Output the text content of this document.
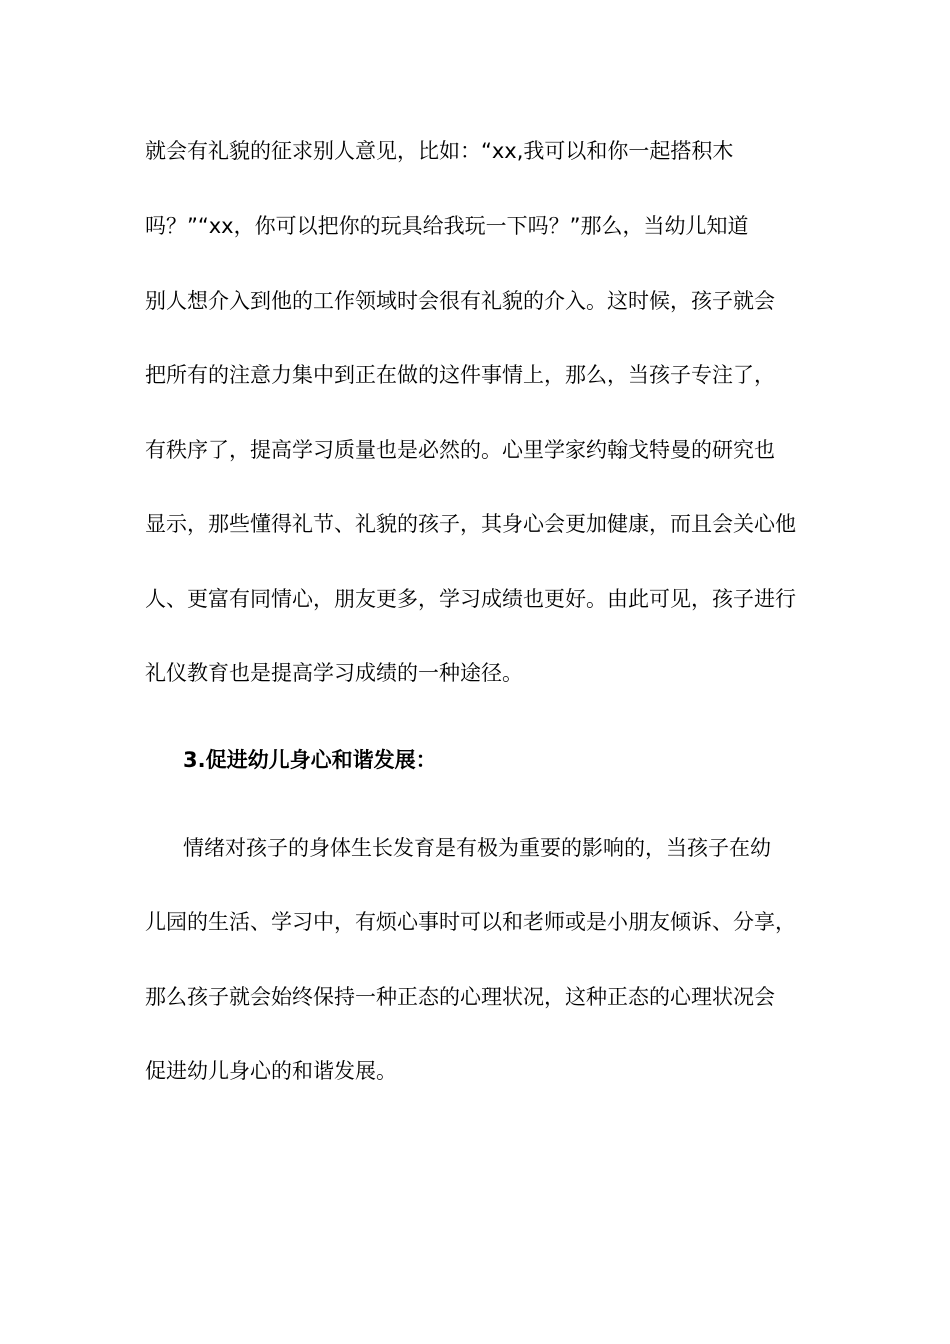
就会有礼貌的征求别人意见，比如：“xx,我可以和你一起搭积木
吗？”“xx，你可以把你的玩具给我玩一下吗？”那么，当幼儿知道
别人想介入到他的工作领域时会很有礼貌的介入。这时候，孩子就会
把所有的注意力集中到正在做的这件事情上，那么，当孩子专注了，
有秩序了，提高学习质量也是必然的。心里学家约翰戈特曼的研究也
显示，那些懂得礼节、礼貌的孩子，其身心会更加健康，而且会关心他
人、更富有同情心，朋友更多，学习成绩也更好。由此可见，孩子进行
礼仪教育也是提高学习成绩的一种途径。
3.促进幼儿身心和谐发展：
情绪对孩子的身体生长发育是有极为重要的影响的，当孩子在幼
儿园的生活、学习中，有烦心事时可以和老师或是小朋友倾诉、分享，
那么孩子就会始终保持一种正态的心理状况，这种正态的心理状况会
促进幼儿身心的和谐发展。
